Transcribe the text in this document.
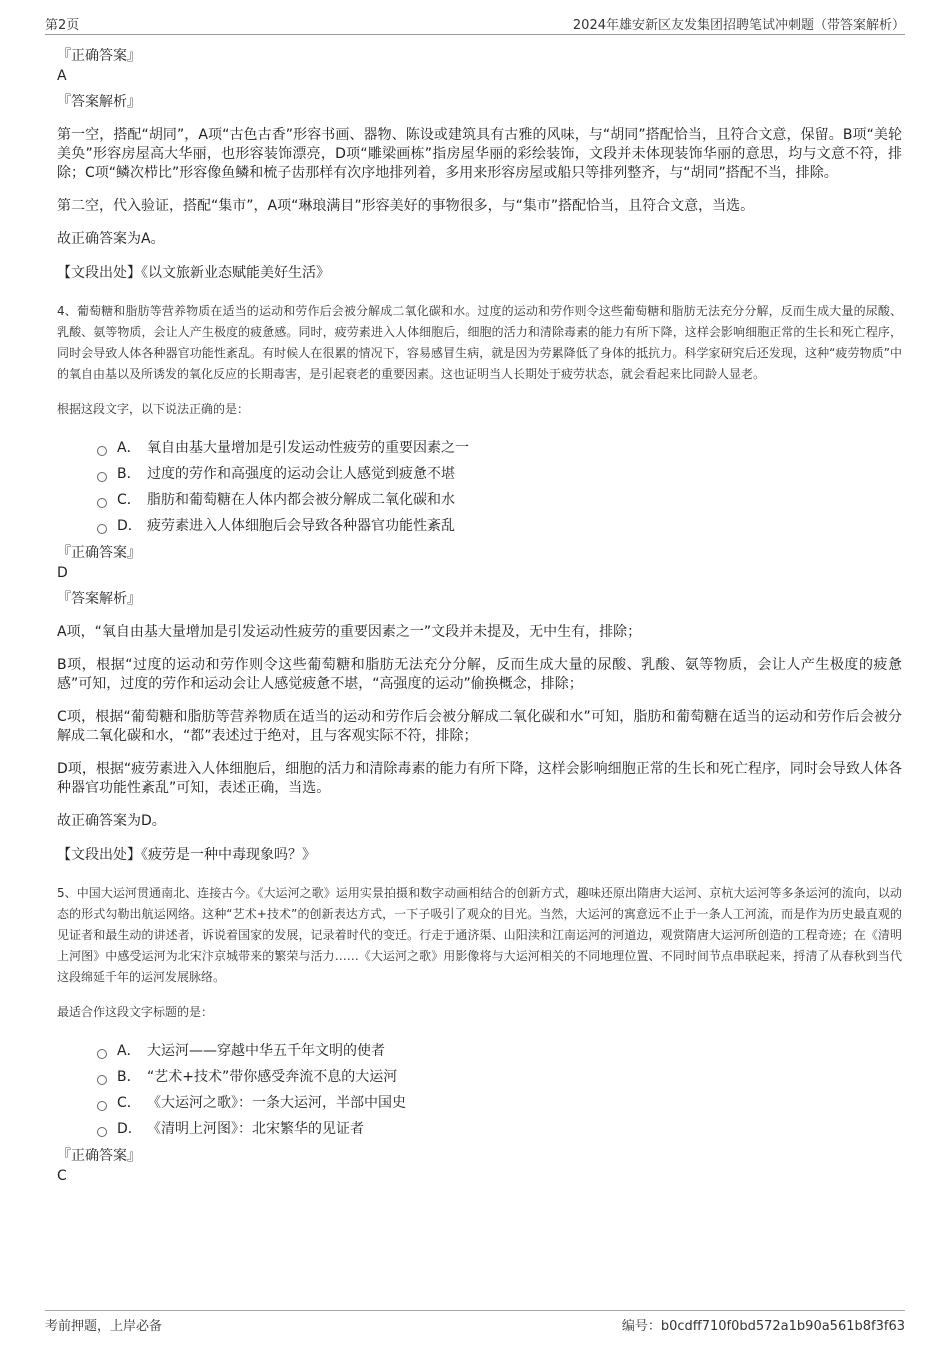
第2页	2024年雄安新区友发集团招聘笔试冲刺题（带答案解析）
『正确答案』
A
『答案解析』
第一空，搭配“胡同”，A项“古色古香”形容书画、器物、陈设或建筑具有古雅的风味，与“胡同”搭配恰当，且符合文意，保留。B项“美轮美奂”形容房屋高大华丽，也形容装饰漂亮，D项“雕梁画栋”指房屋华丽的彩绘装饰，文段并未体现装饰华丽的意思，均与文意不符，排除；C项“鳞次栉比”形容像鱼鳞和梳子齿那样有次序地排列着，多用来形容房屋或船只等排列整齐，与“胡同”搭配不当，排除。
第二空，代入验证，搭配“集市”，A项“琳琅满目”形容美好的事物很多，与“集市”搭配恰当，且符合文意，当选。
故正确答案为A。
【文段出处】《以文旅新业态赋能美好生活》
4、葡萄糖和脂肪等营养物质在适当的运动和劳作后会被分解成二氧化碳和水。过度的运动和劳作则令这些葡萄糖和脂肪无法充分分解，反而生成大量的尿酸、乳酸、氨等物质，会让人产生极度的疲惫感。同时，疲劳素进入人体细胞后，细胞的活力和清除毒素的能力有所下降，这样会影响细胞正常的生长和死亡程序，同时会导致人体各种器官功能性紊乱。有时候人在很累的情况下，容易感冒生病，就是因为劳累降低了身体的抵抗力。科学家研究后还发现，这种“疲劳物质”中的氧自由基以及所诱发的氧化反应的长期毒害，是引起衰老的重要因素。这也证明当人长期处于疲劳状态，就会看起来比同龄人显老。
根据这段文字，以下说法正确的是：
A． 氧自由基大量增加是引发运动性疲劳的重要因素之一
B． 过度的劳作和高强度的运动会让人感觉到疲惫不堪
C． 脂肪和葡萄糖在人体内都会被分解成二氧化碳和水
D． 疲劳素进入人体细胞后会导致各种器官功能性紊乱
『正确答案』
D
『答案解析』
A项，“氧自由基大量增加是引发运动性疲劳的重要因素之一”文段并未提及，无中生有，排除；
B项，根据“过度的运动和劳作则令这些葡萄糖和脂肪无法充分分解，反而生成大量的尿酸、乳酸、氨等物质，会让人产生极度的疲惫感”可知，过度的劳作和运动会让人感觉疲惫不堪，“高强度的运动”偷换概念，排除；
C项，根据“葡萄糖和脂肪等营养物质在适当的运动和劳作后会被分解成二氧化碳和水”可知，脂肪和葡萄糖在适当的运动和劳作后会被分解成二氧化碳和水，“都”表述过于绝对，且与客观实际不符，排除；
D项，根据“疲劳素进入人体细胞后，细胞的活力和清除毒素的能力有所下降，这样会影响细胞正常的生长和死亡程序，同时会导致人体各种器官功能性紊乱”可知，表述正确，当选。
故正确答案为D。
【文段出处】《疲劳是一种中毒现象吗？》
5、中国大运河贯通南北、连接古今。《大运河之歌》运用实景拍摄和数字动画相结合的创新方式，趣味还原出隋唐大运河、京杭大运河等多条运河的流向，以动态的形式勾勒出航运网络。这种“艺术+技术”的创新表达方式，一下子吸引了观众的目光。当然，大运河的寓意远不止于一条人工河流，而是作为历史最直观的见证者和最生动的讲述者，诉说着国家的发展，记录着时代的变迁。行走于通济渠、山阳渎和江南运河的河道边，观赏隋唐大运河所创造的工程奇迹；在《清明上河图》中感受运河为北宋汴京城带来的繁荣与活力……《大运河之歌》用影像将与大运河相关的不同地理位置、不同时间节点串联起来，捋清了从春秋到当代这段绵延千年的运河发展脉络。
最适合作这段文字标题的是：
A． 大运河——穿越中华五千年文明的使者
B． “艺术+技术”带你感受奔流不息的大运河
C． 《大运河之歌》：一条大运河，半部中国史
D． 《清明上河图》：北宋繁华的见证者
『正确答案』
C
考前押题，上岸必备	编号：b0cdff710f0bd572a1b90a561b8f3f63
